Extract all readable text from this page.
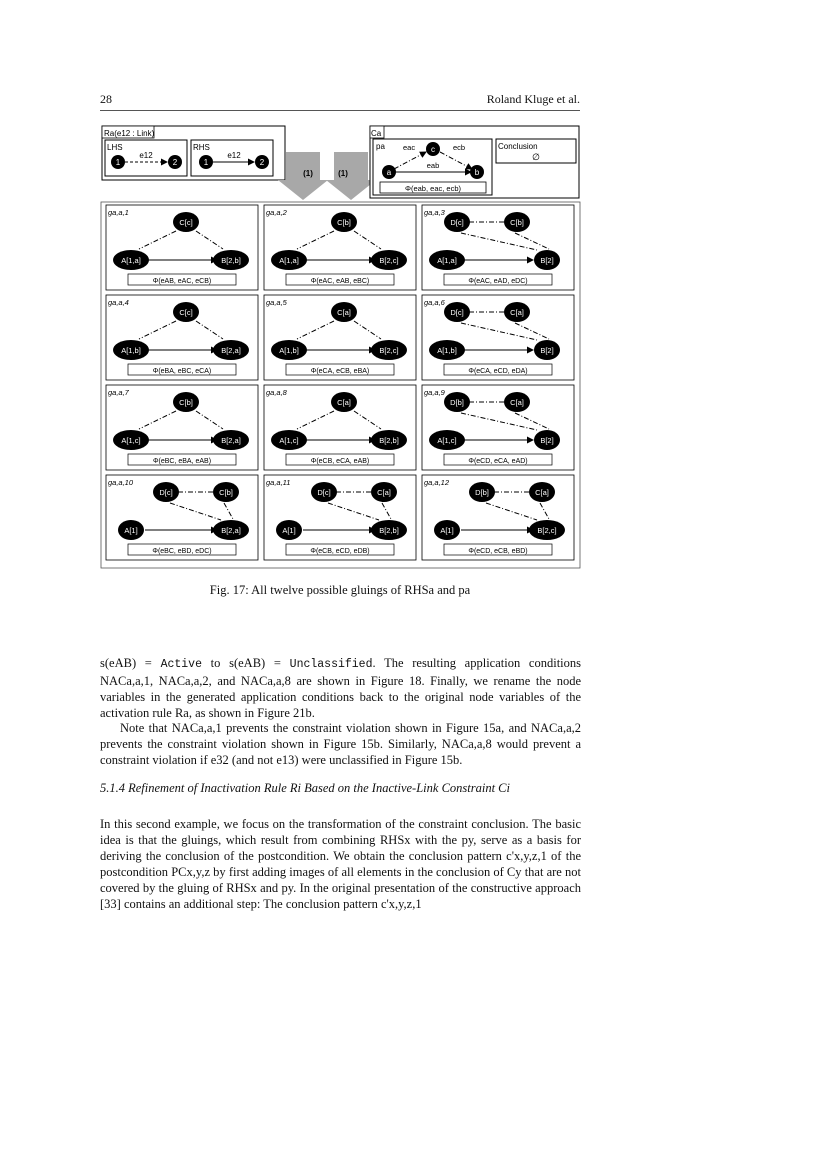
28	Roland Kluge et al.
Ra(e12 : Link)
LHS
1	2
e12
RHS
1	2
e12
(1)	(1)
Ca
pa
a
c
b
eac	ecb
eab
Φ(eab, eac, ecb)
Conclusion
∅
ga,a,1
A[1,a]	B[2,b]
C[c]
Φ(eAB, eAC, eCB)
ga,a,2
A[1,a]	B[2,c]
C[b]
Φ(eAC, eAB, eBC)
ga,a,3
A[1,a]	B[2]
D[c]	C[b]
Φ(eAC, eAD, eDC)
ga,a,4
A[1,b]	B[2,a]
C[c]
Φ(eBA, eBC, eCA)
ga,a,5
A[1,b]	B[2,c]
C[a]
Φ(eCA, eCB, eBA)
ga,a,6
A[1,b]	B[2]
D[c]	C[a]
Φ(eCA, eCD, eDA)
ga,a,7
A[1,c]	B[2,a]
C[b]
Φ(eBC, eBA, eAB)
ga,a,8
A[1,c]	B[2,b]
C[a]
Φ(eCB, eCA, eAB)
ga,a,9
A[1,c]	B[2]
D[b]	C[a]
Φ(eCD, eCA, eAD)
ga,a,10
A[1]	B[2,a]
D[c]	C[b]
Φ(eBC, eBD, eDC)
ga,a,11
A[1]	B[2,b]
D[c]	C[a]
Φ(eCB, eCD, eDB)
ga,a,12
A[1]	B[2,c]
D[b]	C[a]
Φ(eCD, eCB, eBD)
Fig. 17: All twelve possible gluings of RHSa and pa

s(eAB) = Active to s(eAB) = Unclassified. The resulting application conditions NACa,a,1, NACa,a,2, and NACa,a,8 are shown in Figure 18. Finally, we rename the node variables in the generated application conditions back to the original node variables of the activation rule Ra, as shown in Figure 21b.

Note that NACa,a,1 prevents the constraint violation shown in Figure 15a, and NACa,a,2 prevents the constraint violation shown in Figure 15b. Similarly, NACa,a,8 would prevent a constraint violation if e32 (and not e13) were unclassified in Figure 15b.

5.1.4 Refinement of Inactivation Rule Ri Based on the Inactive-Link Constraint Ci

In this second example, we focus on the transformation of the constraint conclusion. The basic idea is that the gluings, which result from combining RHSx with the py, serve as a basis for deriving the conclusion of the postcondition. We obtain the conclusion pattern c'x,y,z,1 of the postcondition PCx,y,z by first adding images of all elements in the conclusion of Cy that are not covered by the gluing of RHSx and py. In the original presentation of the constructive approach [33] contains an additional step: The conclusion pattern c'x,y,z,1
